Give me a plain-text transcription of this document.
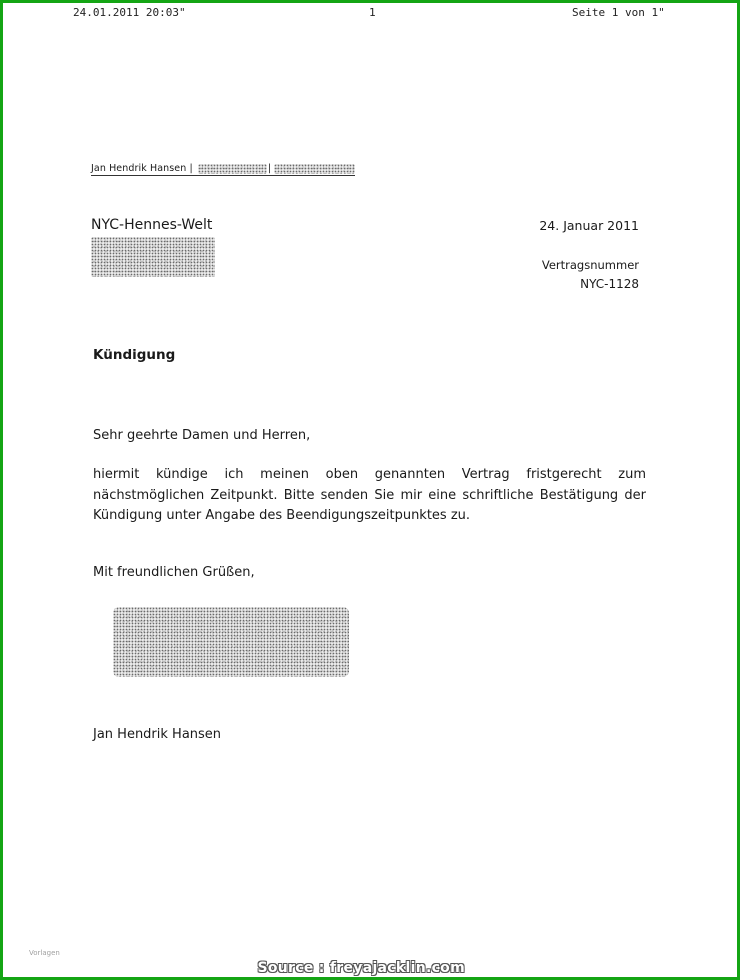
24.01.2011 20:03"	1	Seite 1 von 1"
Jan Hendrik Hansen |	|
NYC-Hennes-Welt	24. Januar 2011
Vertragsnummer
NYC-1128
Kündigung
Sehr geehrte Damen und Herren,
hiermit kündige ich meinen oben genannten Vertrag fristgerecht zum nächstmöglichen Zeitpunkt. Bitte senden Sie mir eine schriftliche Bestätigung der Kündigung unter Angabe des Beendigungszeitpunktes zu.
Mit freundlichen Grüßen,
Jan Hendrik Hansen
Vorlagen
Source : freyajacklin.com
